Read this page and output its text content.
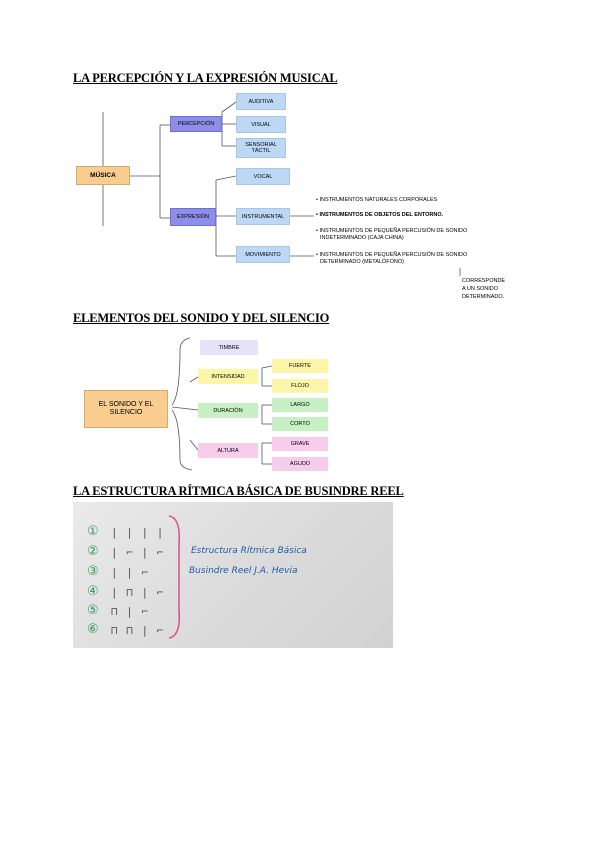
LA PERCEPCIÓN Y LA EXPRESIÓN MUSICAL
ELEMENTOS DEL SONIDO Y DEL SILENCIO
LA ESTRUCTURA RÍTMICA BÁSICA DE BUSINDRE REEL
MÚSICA
PERCEPCIÓN
EXPRESIÓN
AUDITIVA
VISUAL
SENSORIAL TÁCTIL
VOCAL
INSTRUMENTAL
MOVIMIENTO
• INSTRUMENTOS NATURALES CORPORALES
• INSTRUMENTOS DE OBJETOS DEL ENTORNO.
• INSTRUMENTOS DE PEQUEÑA PERCUSIÓN DE SONIDO
INDETERMINADO (CAJA CHINA)
• INSTRUMENTOS DE PEQUEÑA PERCUSIÓN DE SONIDO
DETERMINADO (METALÓFONO)
CORRESPONDE
A UN SONIDO
DETERMINADO.
EL SONIDO Y EL SILENCIO
TIMBRE
INTENSIDAD
DURACIÓN
ALTURA
FUERTE
FLOJO
LARGO
CORTO
GRAVE
AGUDO
①
②
③
④
⑤
⑥
| | | |
| ⌐ | ⌐
| | ⌐
| ⊓ | ⌐
⊓ | ⌐
⊓ ⊓ | ⌐
Estructura Rítmica Básica
Busindre Reel J.A. Hevia
